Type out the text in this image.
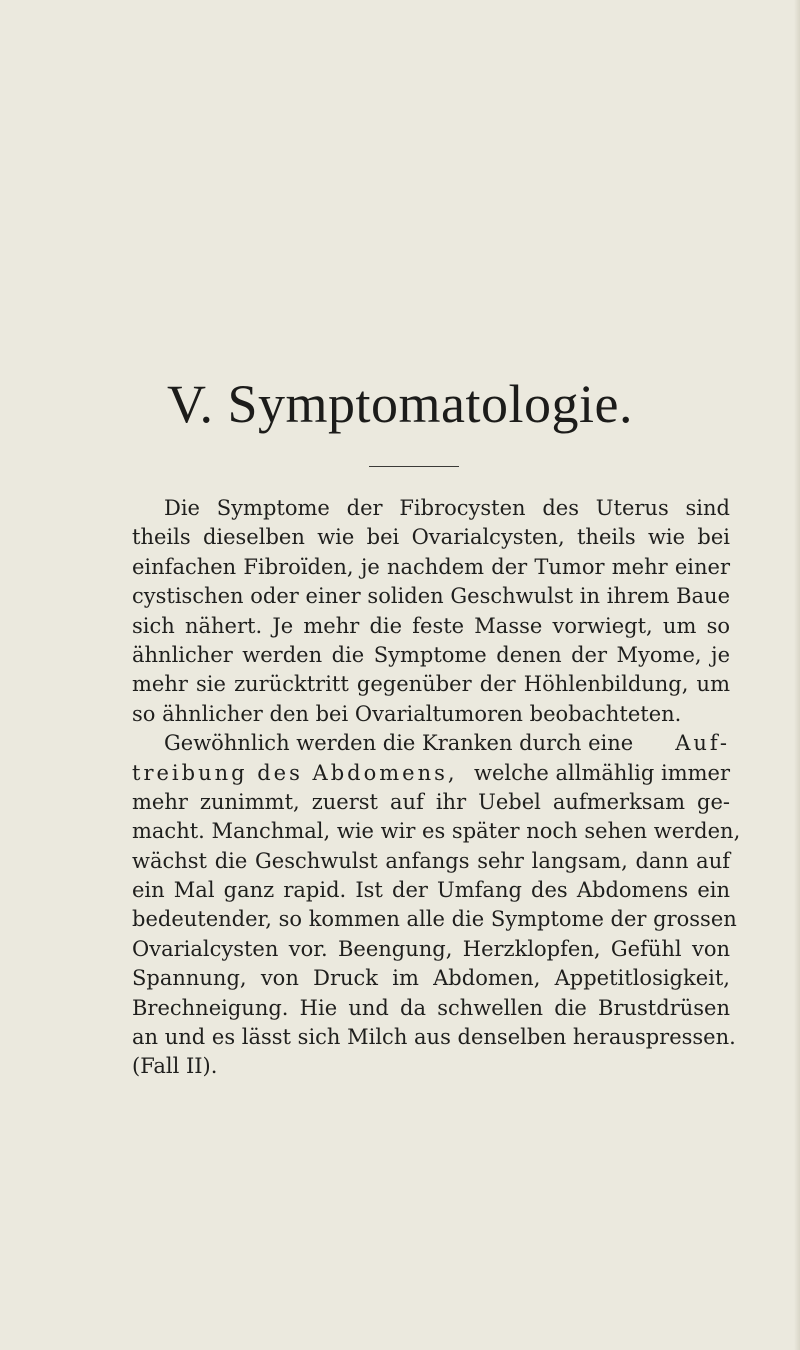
V. Symptomatologie.
Die Symptome der Fibrocysten des Uterus sind
theils dieselben wie bei Ovarialcysten, theils wie bei
einfachen Fibroïden, je nachdem der Tumor mehr einer
cystischen oder einer soliden Geschwulst in ihrem Baue
sich nähert. Je mehr die feste Masse vorwiegt, um so
ähnlicher werden die Symptome denen der Myome, je
mehr sie zurücktritt gegenüber der Höhlenbildung, um
so ähnlicher den bei Ovarialtumoren beobachteten.
Gewöhnlich werden die Kranken durch eine Auf-
treibung des Abdomens, welche allmählig immer
mehr zunimmt, zuerst auf ihr Uebel aufmerksam ge-
macht. Manchmal, wie wir es später noch sehen werden,
wächst die Geschwulst anfangs sehr langsam, dann auf
ein Mal ganz rapid. Ist der Umfang des Abdomens ein
bedeutender, so kommen alle die Symptome der grossen
Ovarialcysten vor. Beengung, Herzklopfen, Gefühl von
Spannung, von Druck im Abdomen, Appetitlosigkeit,
Brechneigung. Hie und da schwellen die Brustdrüsen
an und es lässt sich Milch aus denselben herauspressen.
(Fall II).
